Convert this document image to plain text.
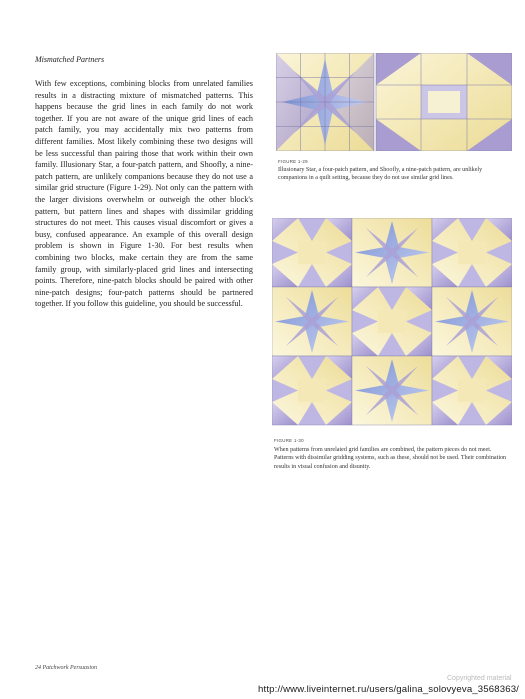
Mismatched Partners

With few exceptions, combining blocks from unrelated families results in a distracting mixture of mismatched patterns. This happens because the grid lines in each family do not work together. If you are not aware of the unique grid lines of each patch family, you may accidentally mix two patterns from different families. Most likely combining these two designs will be less successful than pairing those that work within their own family. Illusionary Star, a four-patch pattern, and Shoofly, a nine-patch pattern, are unlikely companions because they do not use a similar grid structure (Figure 1-29). Not only can the pattern with the larger divisions overwhelm or outweigh the other block's pattern, but pattern lines and shapes with dissimilar gridding structures do not meet. This causes visual discomfort or gives a busy, confused appearance. An example of this overall design problem is shown in Figure 1-30. For best results when combining two blocks, make certain they are from the same family group, with similarly-placed grid lines and intersecting points. Therefore, nine-patch blocks should be paired with other nine-patch designs; four-patch patterns should be partnered together. If you follow this guideline, you should be successful.

FIGURE 1-29

Illusionary Star, a four-patch pattern, and Shoofly, a nine-patch pattern, are unlikely companions in a quilt setting, because they do not use similar grid lines.

FIGURE 1-30

When patterns from unrelated grid families are combined, the pattern pieces do not meet. Patterns with dissimilar gridding systems, such as these, should not be used. Their combination results in visual confusion and disunity.

24 Patchwork Persuasion
Copyrighted material
http://www.liveinternet.ru/users/galina_solovyeva_3568363/
